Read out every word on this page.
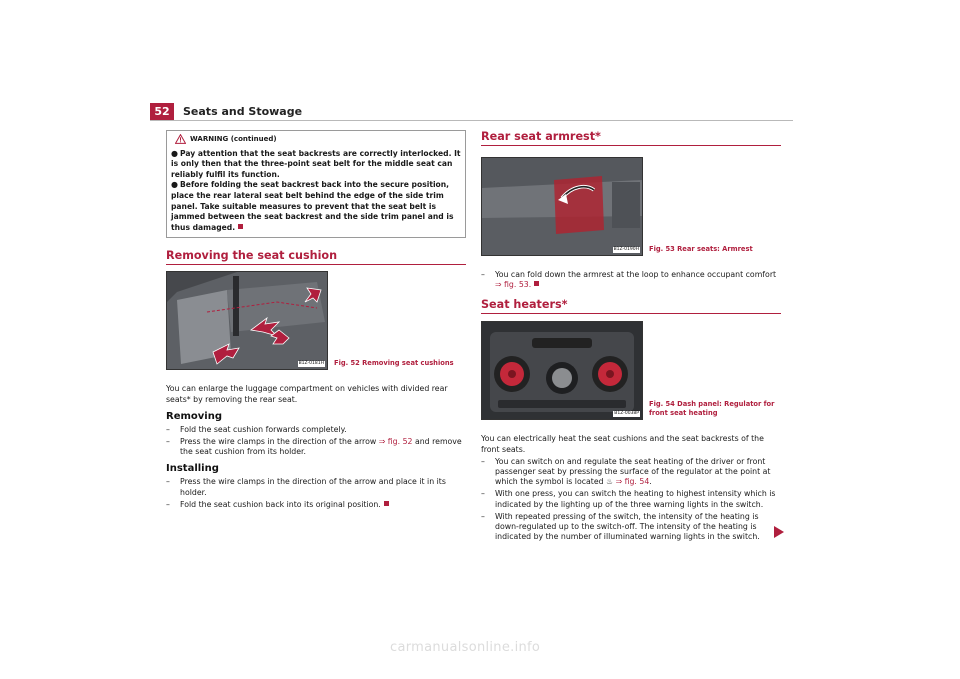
52	Seats and Stowage
WARNING (continued)

● Pay attention that the seat backrests are correctly interlocked. It is only then that the three-point seat belt for the middle seat can reliably fulfil its function.

● Before folding the seat backrest back into the secure position, place the rear lateral seat belt behind the edge of the side trim panel. Take suitable measures to prevent that the seat belt is jammed between the seat backrest and the side trim panel and is thus damaged.

Removing the seat cushion
B1Z-0181H Fig. 52 Removing seat cushions

You can enlarge the luggage compartment on vehicles with divided rear seats* by removing the rear seat.

Removing
–	Fold the seat cushion forwards completely.
–	Press the wire clamps in the direction of the arrow ⇒ fig. 52 and remove the seat cushion from its holder.
Installing
–	Press the wire clamps in the direction of the arrow and place it in its holder.
–	Fold the seat cushion back into its original position.
Rear seat armrest*
B1Z-0190H Fig. 53 Rear seats: Armrest
–	You can fold down the armrest at the loop to enhance occupant comfort
⇒ fig. 53.
Seat heaters*
B1Z-0038P
Fig. 54 Dash panel: Regulator for front seat heating

You can electrically heat the seat cushions and the seat backrests of the front seats.

–	You can switch on and regulate the seat heating of the driver or front passenger seat by pressing the surface of the regulator at the point at which the symbol is located ♨ ⇒ fig. 54.
–	With one press, you can switch the heating to highest intensity which is indicated by the lighting up of the three warning lights in the switch.
–	With repeated pressing of the switch, the intensity of the heating is down-regulated up to the switch-off. The intensity of the heating is indicated by the number of illuminated warning lights in the switch.
carmanualsonline.info
